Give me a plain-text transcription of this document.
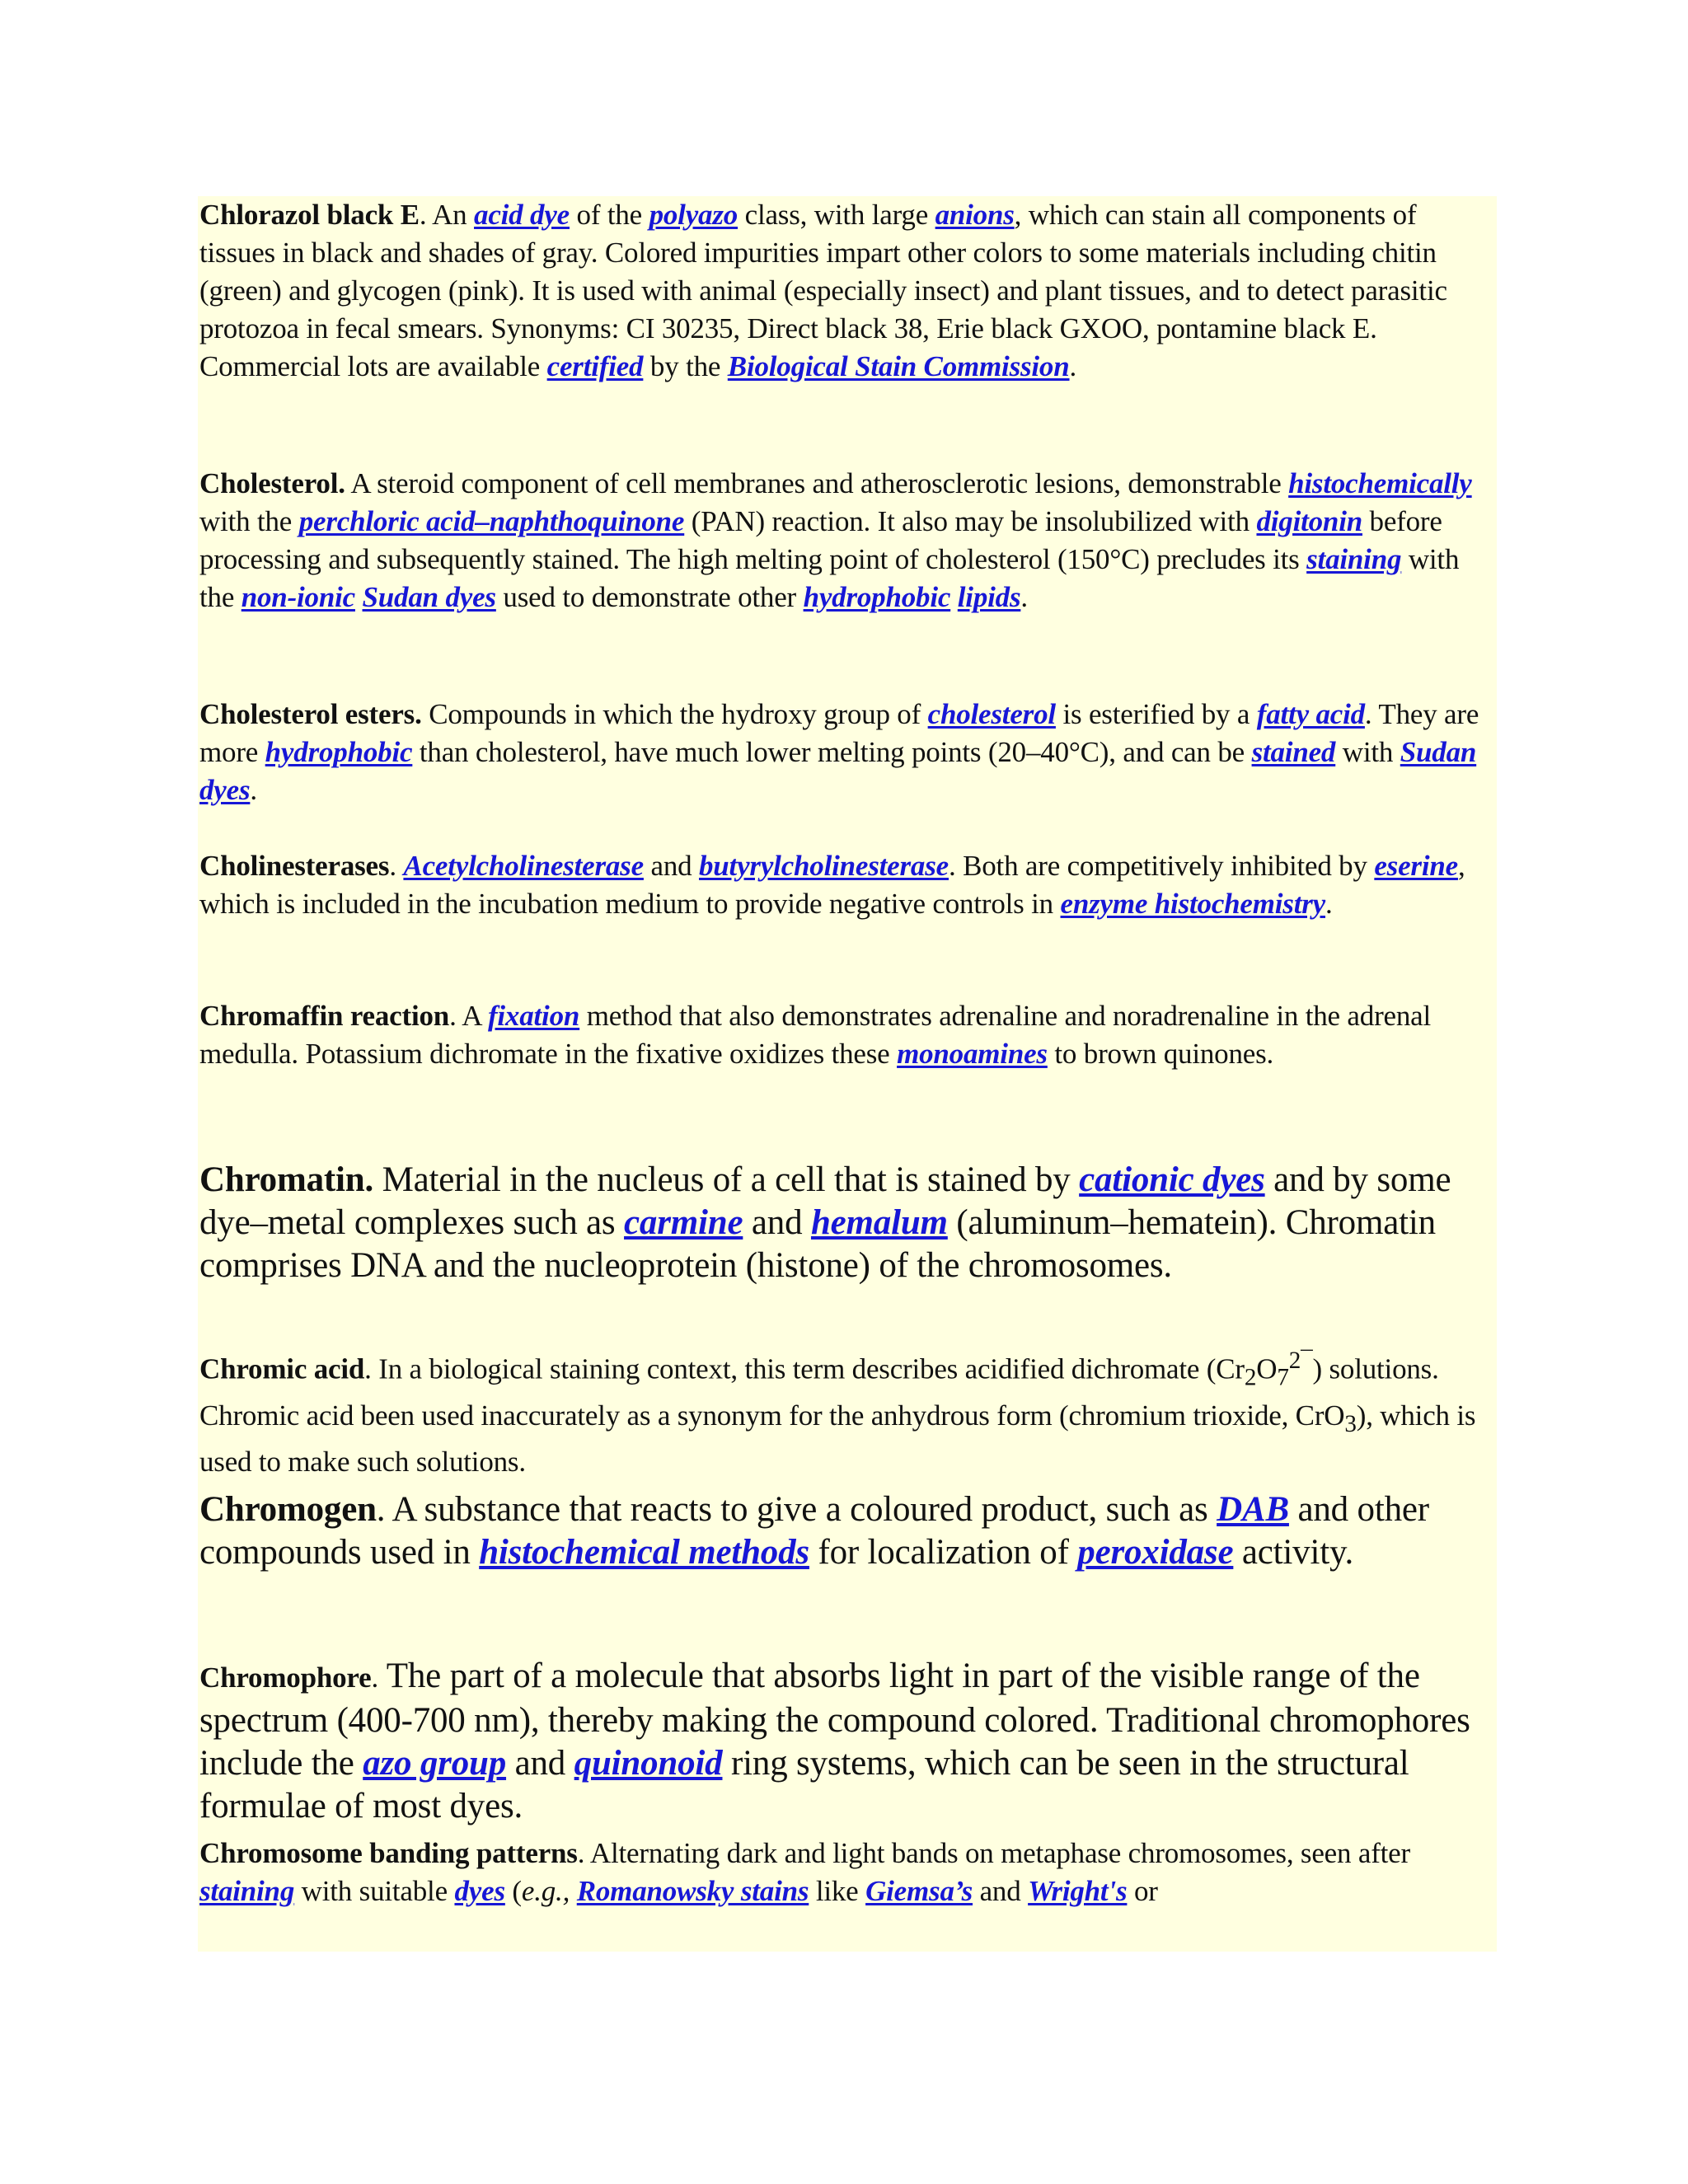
Chlorazol black E. An acid dye of the polyazo class, with large anions, which can stain all components of tissues in black and shades of gray. Colored impurities impart other colors to some materials including chitin (green) and glycogen (pink). It is used with animal (especially insect) and plant tissues, and to detect parasitic protozoa in fecal smears. Synonyms: CI 30235, Direct black 38, Erie black GXOO, pontamine black E. Commercial lots are available certified by the Biological Stain Commission.

Cholesterol. A steroid component of cell membranes and atherosclerotic lesions, demonstrable histochemically with the perchloric acid–naphthoquinone (PAN) reaction. It also may be insolubilized with digitonin before processing and subsequently stained. The high melting point of cholesterol (150°C) precludes its staining with the non-ionic Sudan dyes used to demonstrate other hydrophobic lipids.

Cholesterol esters. Compounds in which the hydroxy group of cholesterol is esterified by a fatty acid. They are more hydrophobic than cholesterol, have much lower melting points (20–40°C), and can be stained with Sudan dyes.

Cholinesterases. Acetylcholinesterase and butyrylcholinesterase. Both are competitively inhibited by eserine, which is included in the incubation medium to provide negative controls in enzyme histochemistry.

Chromaffin reaction. A fixation method that also demonstrates adrenaline and noradrenaline in the adrenal medulla. Potassium dichromate in the fixative oxidizes these monoamines to brown quinones.

Chromatin. Material in the nucleus of a cell that is stained by cationic dyes and by some dye–metal complexes such as carmine and hemalum (aluminum–hematein). Chromatin comprises DNA and the nucleoprotein (histone) of the chromosomes.

Chromic acid. In a biological staining context, this term describes acidified dichromate $(Cr_2O_7^{2¯})$ solutions. Chromic acid been used inaccurately as a synonym for the anhydrous form (chromium trioxide, CrO$_3$), which is used to make such solutions.

Chromogen. A substance that reacts to give a coloured product, such as DAB and other compounds used in histochemical methods for localization of peroxidase activity.

Chromophore. The part of a molecule that absorbs light in part of the visible range of the spectrum (400-700 nm), thereby making the compound colored. Traditional chromophores include the azo group and quinonoid ring systems, which can be seen in the structural formulae of most dyes.

Chromosome banding patterns. Alternating dark and light bands on metaphase chromosomes, seen after staining with suitable dyes (e.g., Romanowsky stains like Giemsa’s and Wright's or
